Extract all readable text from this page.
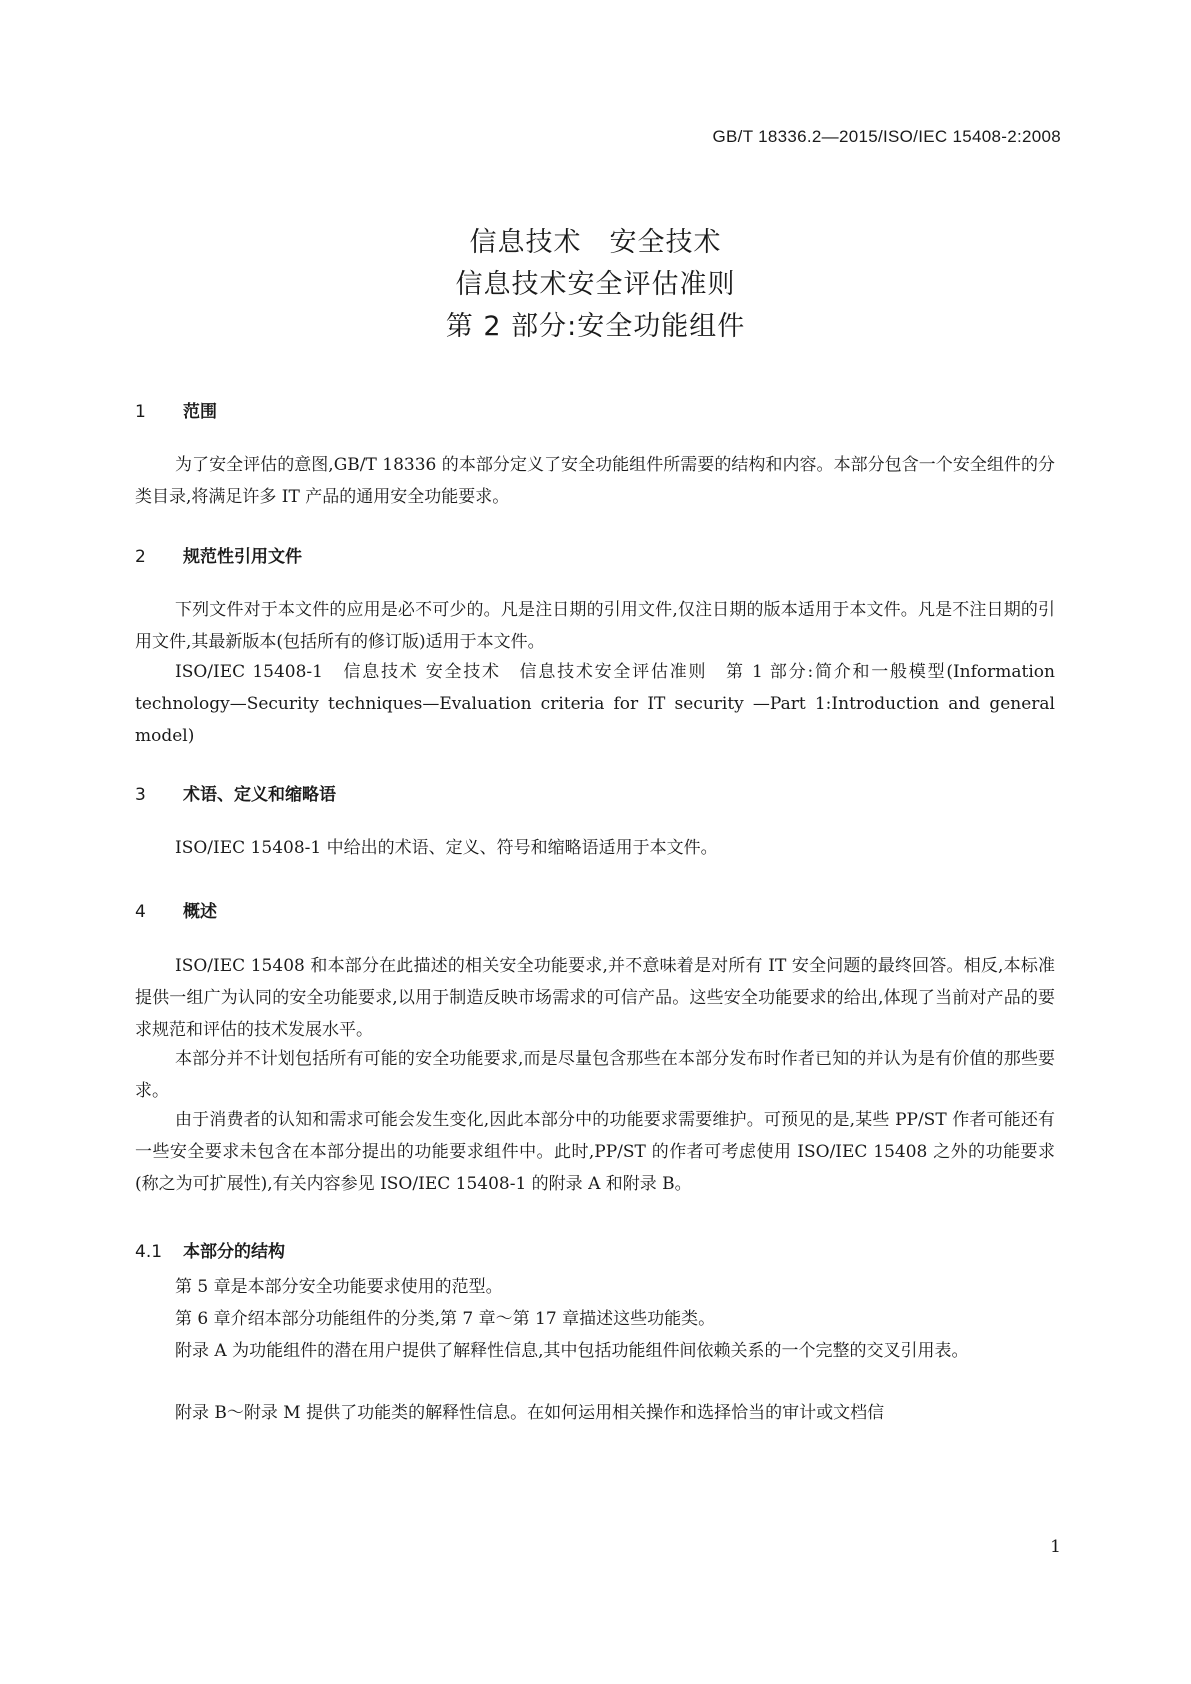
GB/T 18336.2—2015/ISO/IEC 15408-2:2008
信息技术　安全技术
信息技术安全评估准则
第 2 部分:安全功能组件
1 范围
为了安全评估的意图,GB/T 18336 的本部分定义了安全功能组件所需要的结构和内容。本部分包含一个安全组件的分类目录,将满足许多 IT 产品的通用安全功能要求。
2 规范性引用文件
下列文件对于本文件的应用是必不可少的。凡是注日期的引用文件,仅注日期的版本适用于本文件。凡是不注日期的引用文件,其最新版本(包括所有的修订版)适用于本文件。
ISO/IEC 15408-1　信息技术 安全技术　信息技术安全评估准则　第 1 部分:简介和一般模型(Information technology—Security techniques—Evaluation criteria for IT security —Part 1:Introduction and general model)
3 术语、定义和缩略语
ISO/IEC 15408-1 中给出的术语、定义、符号和缩略语适用于本文件。
4 概述
ISO/IEC 15408 和本部分在此描述的相关安全功能要求,并不意味着是对所有 IT 安全问题的最终回答。相反,本标准提供一组广为认同的安全功能要求,以用于制造反映市场需求的可信产品。这些安全功能要求的给出,体现了当前对产品的要求规范和评估的技术发展水平。
本部分并不计划包括所有可能的安全功能要求,而是尽量包含那些在本部分发布时作者已知的并认为是有价值的那些要求。
由于消费者的认知和需求可能会发生变化,因此本部分中的功能要求需要维护。可预见的是,某些 PP/ST 作者可能还有一些安全要求未包含在本部分提出的功能要求组件中。此时,PP/ST 的作者可考虑使用 ISO/IEC 15408 之外的功能要求(称之为可扩展性),有关内容参见 ISO/IEC 15408-1 的附录 A 和附录 B。
4.1 本部分的结构
第 5 章是本部分安全功能要求使用的范型。
第 6 章介绍本部分功能组件的分类,第 7 章～第 17 章描述这些功能类。
附录 A 为功能组件的潜在用户提供了解释性信息,其中包括功能组件间依赖关系的一个完整的交叉引用表。
附录 B～附录 M 提供了功能类的解释性信息。在如何运用相关操作和选择恰当的审计或文档信
1
